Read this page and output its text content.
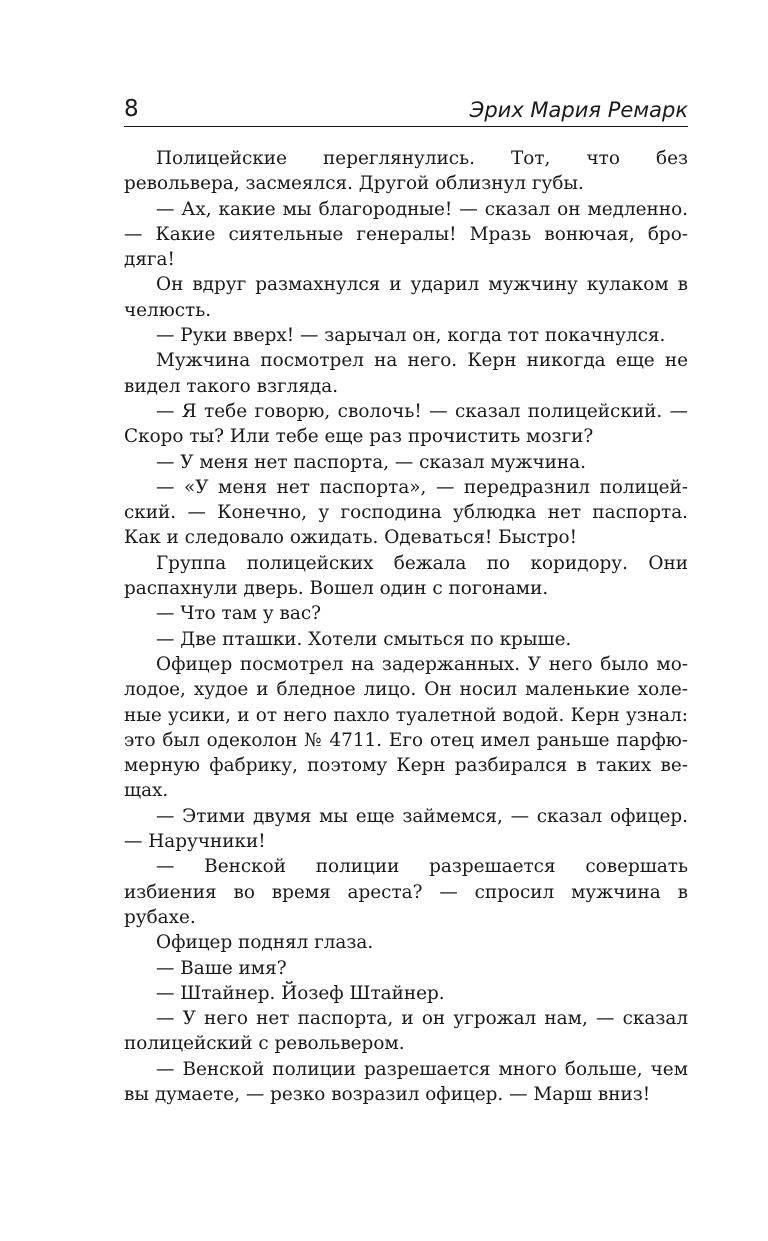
8	Эрих Мария Ремарк

Полицейские переглянулись. Тот, что без револьвера, засмеялся. Другой облизнул губы.

— Ах, какие мы благородные! — сказал он медленно. — Какие сиятельные генералы! Мразь вонючая, бродяга!

Он вдруг размахнулся и ударил мужчину кулаком в челюсть.

— Руки вверх! — зарычал он, когда тот покачнулся.

Мужчина посмотрел на него. Керн никогда еще не видел такого взгляда.

— Я тебе говорю, сволочь! — сказал полицейский. — Скоро ты? Или тебе еще раз прочистить мозги?

— У меня нет паспорта, — сказал мужчина.

— «У меня нет паспорта», — передразнил полицейский. — Конечно, у господина ублюдка нет паспорта. Как и следовало ожидать. Одеваться! Быстро!

Группа полицейских бежала по коридору. Они распахнули дверь. Вошел один с погонами.

— Что там у вас?

— Две пташки. Хотели смыться по крыше.

Офицер посмотрел на задержанных. У него было молодое, худое и бледное лицо. Он носил маленькие холеные усики, и от него пахло туалетной водой. Керн узнал: это был одеколон № 4711. Его отец имел раньше парфюмерную фабрику, поэтому Керн разбирался в таких вещах.

— Этими двумя мы еще займемся, — сказал офицер. — Наручники!

— Венской полиции разрешается совершать избиения во время ареста? — спросил мужчина в рубахе.

Офицер поднял глаза.

— Ваше имя?

— Штайнер. Йозеф Штайнер.

— У него нет паспорта, и он угрожал нам, — сказал полицейский с револьвером.

— Венской полиции разрешается много больше, чем вы думаете, — резко возразил офицер. — Марш вниз!
